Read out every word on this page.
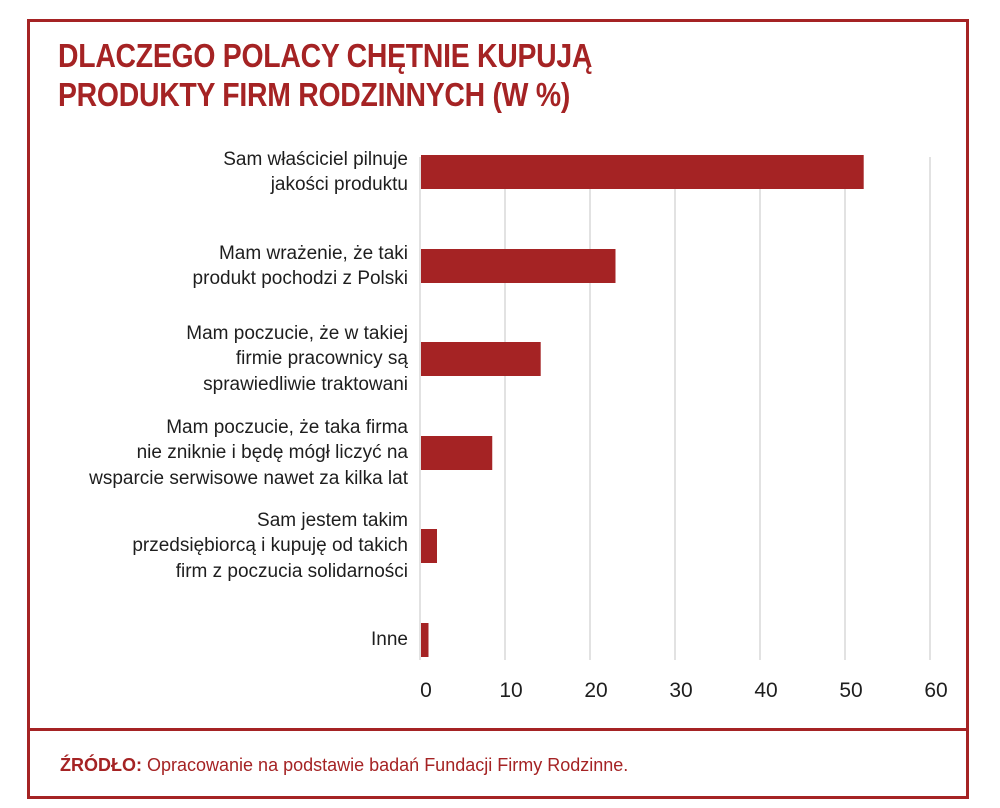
DLACZEGO POLACY CHĘTNIE KUPUJĄ
PRODUKTY FIRM RODZINNYCH (W %)
0	10	20	30	40	50	60
Sam właściciel pilnuje
jakości produktu
Mam wrażenie, że taki
produkt pochodzi z Polski
Mam poczucie, że w takiej
firmie pracownicy są
sprawiedliwie traktowani
Mam poczucie, że taka firma
nie zniknie i będę mógł liczyć na
wsparcie serwisowe nawet za kilka lat
Sam jestem takim
przedsiębiorcą i kupuję od takich
firm z poczucia solidarności
Inne
ŹRÓDŁO: Opracowanie na podstawie badań Fundacji Firmy Rodzinne.
